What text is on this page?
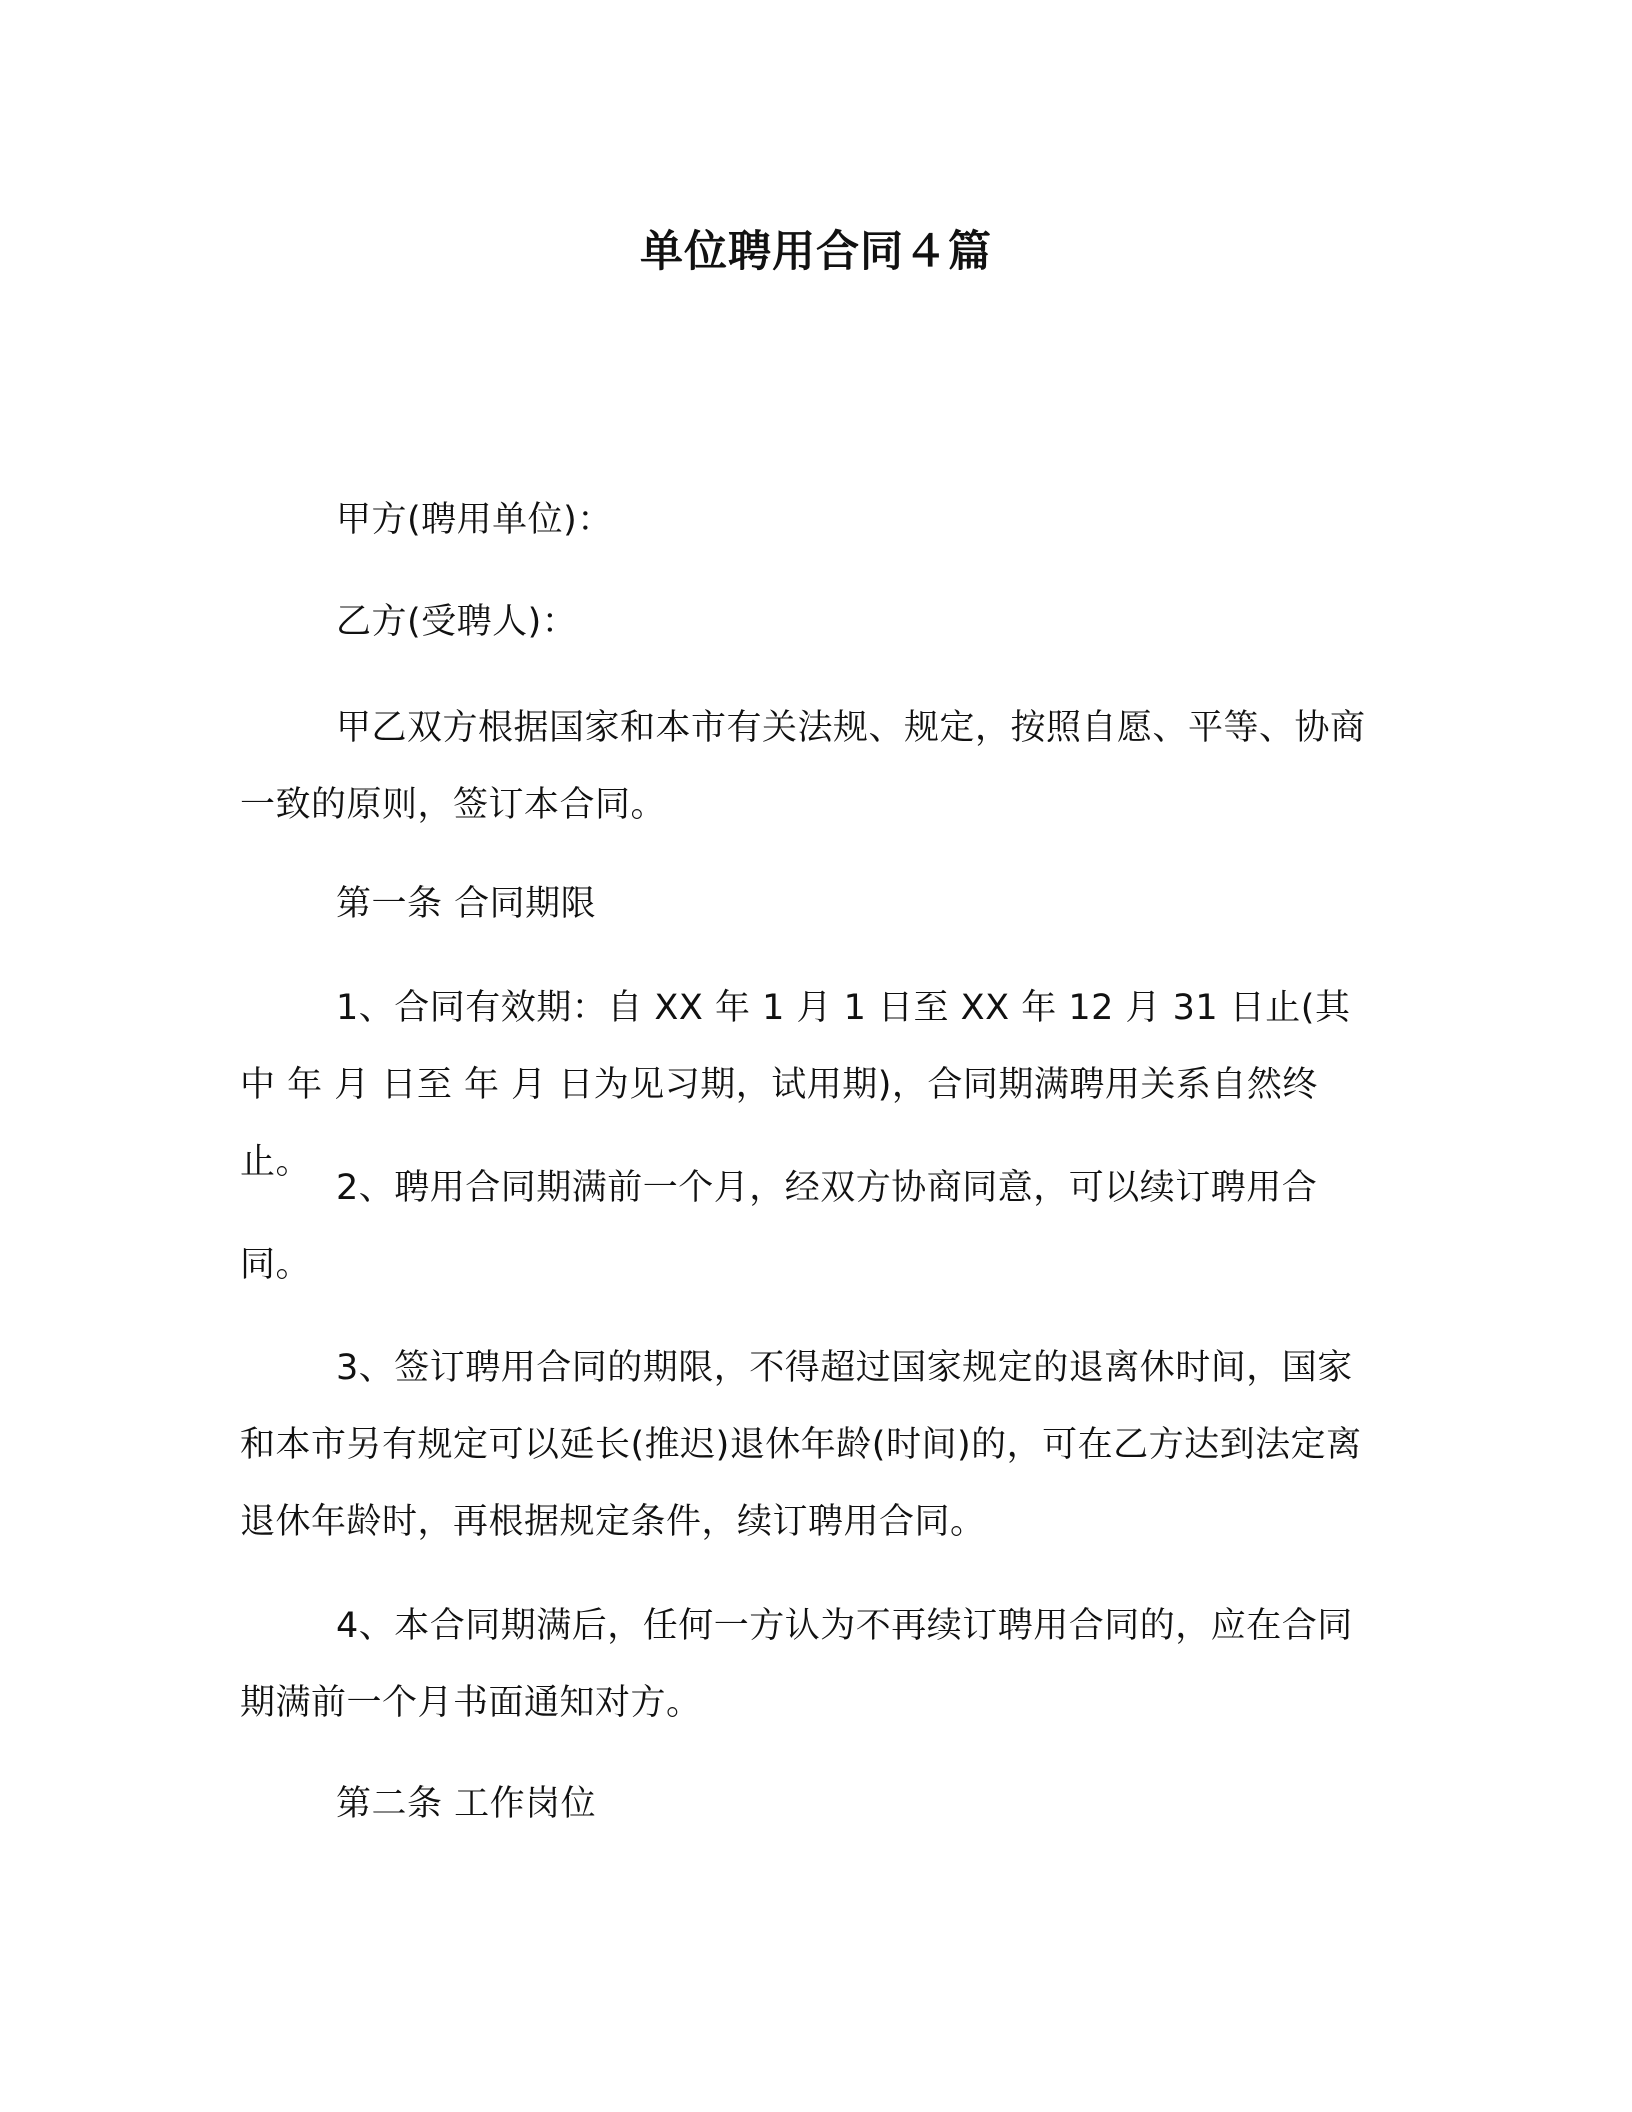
单位聘用合同４篇

甲方(聘用单位)：

乙方(受聘人)：

甲乙双方根据国家和本市有关法规、规定，按照自愿、平等、协商一致的原则，签订本合同。

第一条 合同期限

1、合同有效期：自 XX 年 1 月 1 日至 XX 年 12 月 31 日止(其中 年 月 日至 年 月 日为见习期，试用期)，合同期满聘用关系自然终止。

2、聘用合同期满前一个月，经双方协商同意，可以续订聘用合同。

3、签订聘用合同的期限，不得超过国家规定的退离休时间，国家和本市另有规定可以延长(推迟)退休年龄(时间)的，可在乙方达到法定离退休年龄时，再根据规定条件，续订聘用合同。

4、本合同期满后，任何一方认为不再续订聘用合同的，应在合同期满前一个月书面通知对方。

第二条 工作岗位
